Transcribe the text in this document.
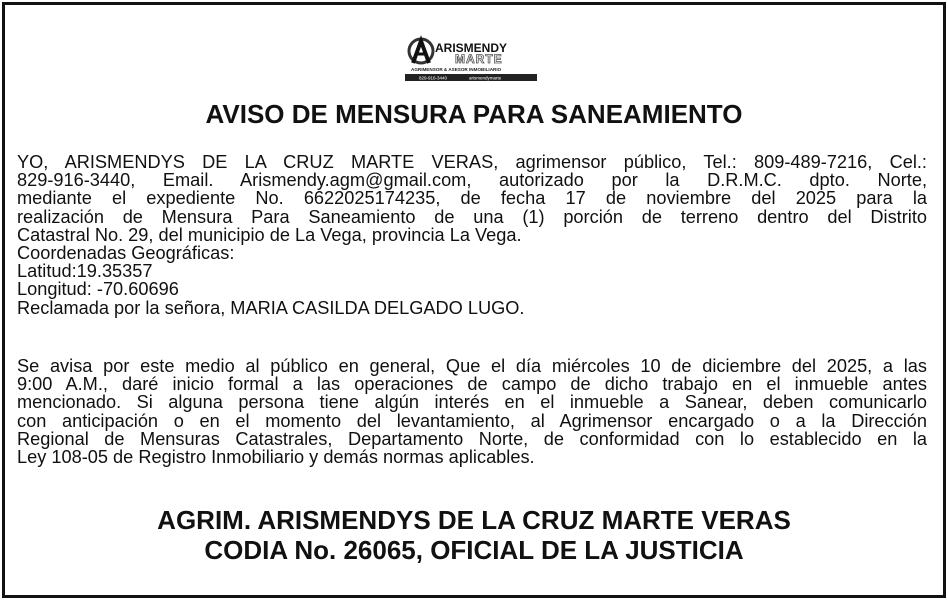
ARISMENDY
MARTE
AGRIMENSOR & ASESOR INMOBILIARIO
829-916-3440	arismendymarte
AVISO DE MENSURA PARA SANEAMIENTO
YO, ARISMENDYS DE LA CRUZ MARTE VERAS, agrimensor público, Tel.: 809-489-7216, Cel.:
829-916-3440, Email. Arismendy.agm@gmail.com, autorizado por la D.R.M.C. dpto. Norte,
mediante el expediente No. 6622025174235, de fecha 17 de noviembre del 2025 para la
realización de Mensura Para Saneamiento de una (1) porción de terreno dentro del Distrito
Catastral No. 29, del municipio de La Vega, provincia La Vega.
Coordenadas Geográficas:
Latitud:19.35357
Longitud: -70.60696
Reclamada por la señora, MARIA CASILDA DELGADO LUGO.
Se avisa por este medio al público en general, Que el día miércoles 10 de diciembre del 2025, a las
9:00 A.M., daré inicio formal a las operaciones de campo de dicho trabajo en el inmueble antes
mencionado. Si alguna persona tiene algún interés en el inmueble a Sanear, deben comunicarlo
con anticipación o en el momento del levantamiento, al Agrimensor encargado o a la Dirección
Regional de Mensuras Catastrales, Departamento Norte, de conformidad con lo establecido en la
Ley 108-05 de Registro Inmobiliario y demás normas aplicables.
AGRIM. ARISMENDYS DE LA CRUZ MARTE VERAS
CODIA No. 26065, OFICIAL DE LA JUSTICIA
